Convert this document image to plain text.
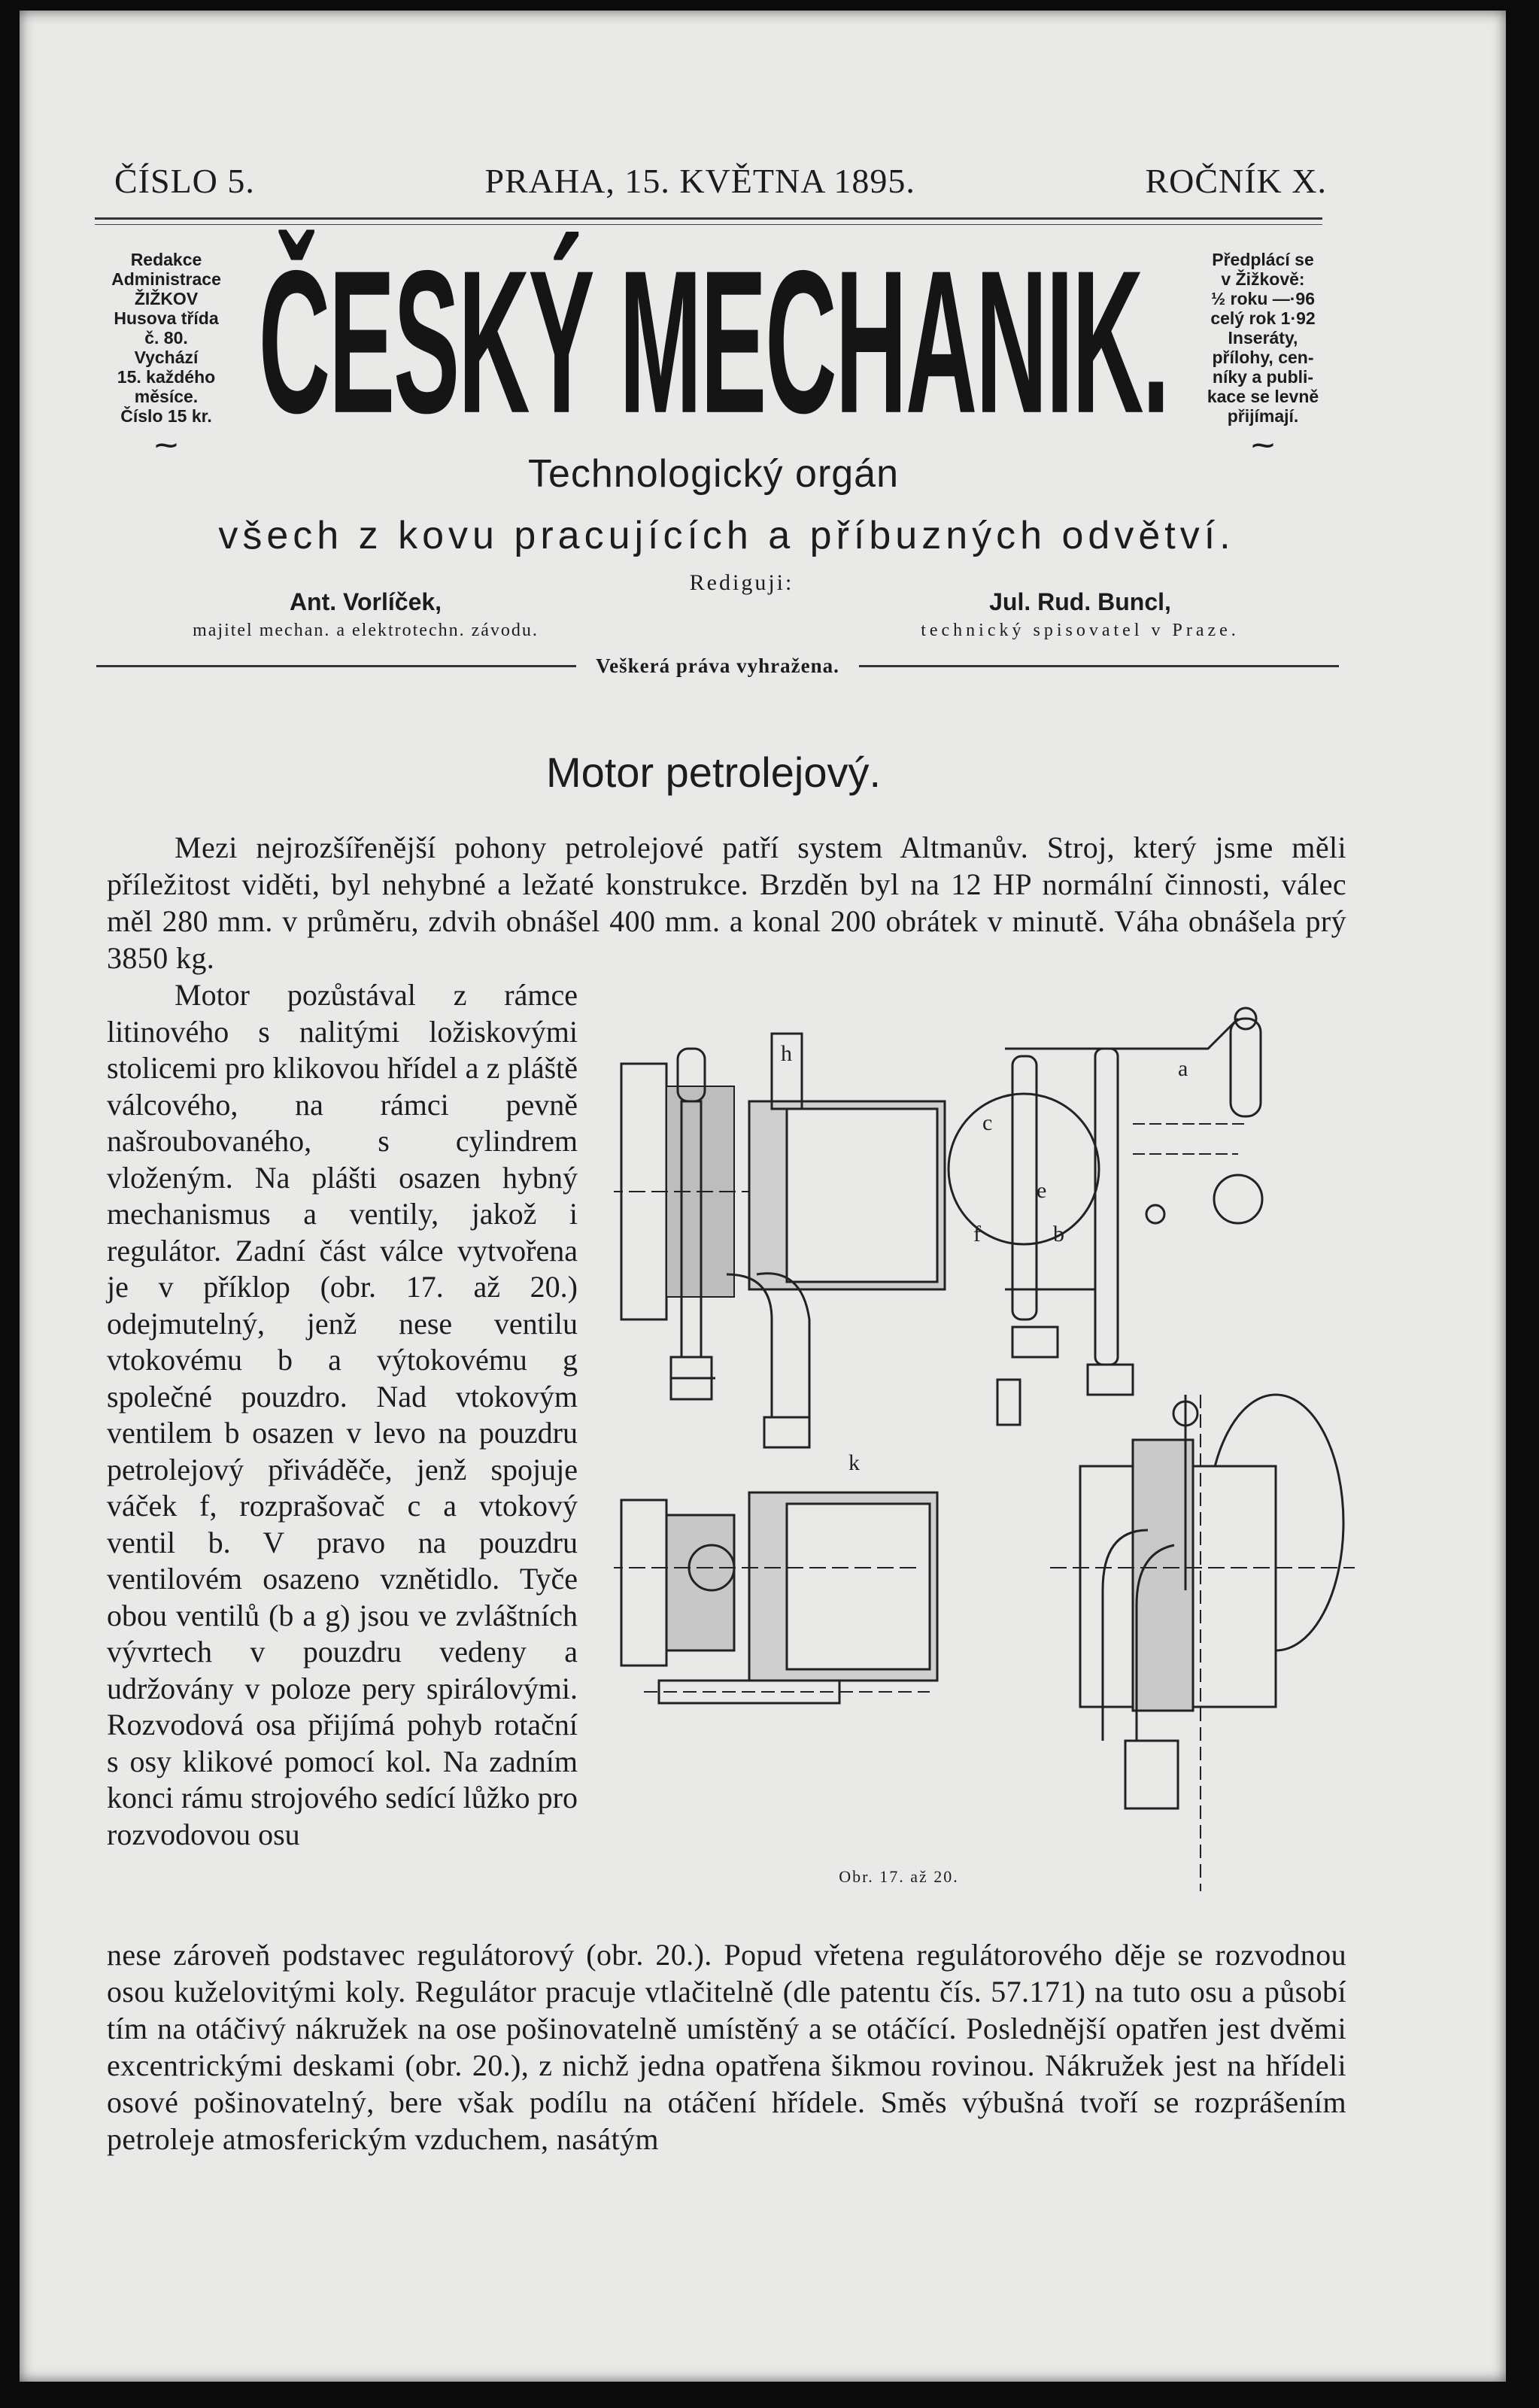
ČÍSLO 5.	PRAHA, 15. KVĚTNA 1895.	ROČNÍK X.
Redakce
Administrace
ŽIŽKOV
Husova třída
č. 80.
Vychází
15. každého
měsíce.
Číslo 15 kr.
⁓ ČESKÝ MECHANIK.	Předplácí se
v Žižkově:
½ roku —·96
celý rok 1·92
Inseráty,
přílohy, cen-
níky a publi-
kace se levně
přijímají.
⁓
Technologický orgán
všech z kovu pracujících a příbuzných odvětví.
Rediguji:
Ant. Vorlíček,
majitel mechan. a elektrotechn. závodu.
Jul. Rud. Buncl,
technický spisovatel v Praze.
Veškerá práva vyhražena.
Motor petrolejový.
Mezi nejrozšířenější pohony petrolejové patří system Altmanův. Stroj, který jsme měli příležitost viděti, byl nehybné a ležaté konstrukce. Brzděn byl na 12 HP normální činnosti, válec měl 280 mm. v průměru, zdvih obnášel 400 mm. a konal 200 obrátek v minutě. Váha obnášela prý 3850 kg.
Motor pozůstával z rámce litinového s nalitými ložiskovými stolicemi pro klikovou hřídel a z pláště válcového, na rámci pevně našroubovaného, s cylindrem vloženým. Na plášti osazen hybný mechanismus a ventily, jakož i regulátor. Zadní část válce vytvořena je v příklop (obr. 17. až 20.) odejmutelný, jenž nese ventilu vtokovému b a výtokovému g společné pouzdro. Nad vtokovým ventilem b osazen v levo na pouzdru petrolejový přiváděče, jenž spojuje váček f, rozprašovač c a vtokový ventil b. V pravo na pouzdru ventilovém osazeno vznětidlo. Tyče obou ventilů (b a g) jsou ve zvláštních vývrtech v pouzdru vedeny a udržovány v poloze pery spirálovými. Rozvodová osa přijímá pohyb rotační s osy klikové pomocí kol. Na zadním konci rámu strojového sedící lůžko pro rozvodovou osu
h
k
a
c
b
f
e
Obr. 17. až 20.
nese zároveň podstavec regulátorový (obr. 20.). Popud vřetena regulátorového děje se rozvodnou osou kuželovitými koly. Regulátor pracuje vtlačitelně (dle patentu čís. 57.171) na tuto osu a působí tím na otáčivý nákružek na ose pošinovatelně umístěný a se otáčící. Poslednější opatřen jest dvěmi excentrickými deskami (obr. 20.), z nichž jedna opatřena šikmou rovinou. Nákružek jest na hřídeli osové pošinovatelný, bere však podílu na otáčení hřídele. Směs výbušná tvoří se rozprášením petroleje atmosferickým vzduchem, nasátým
